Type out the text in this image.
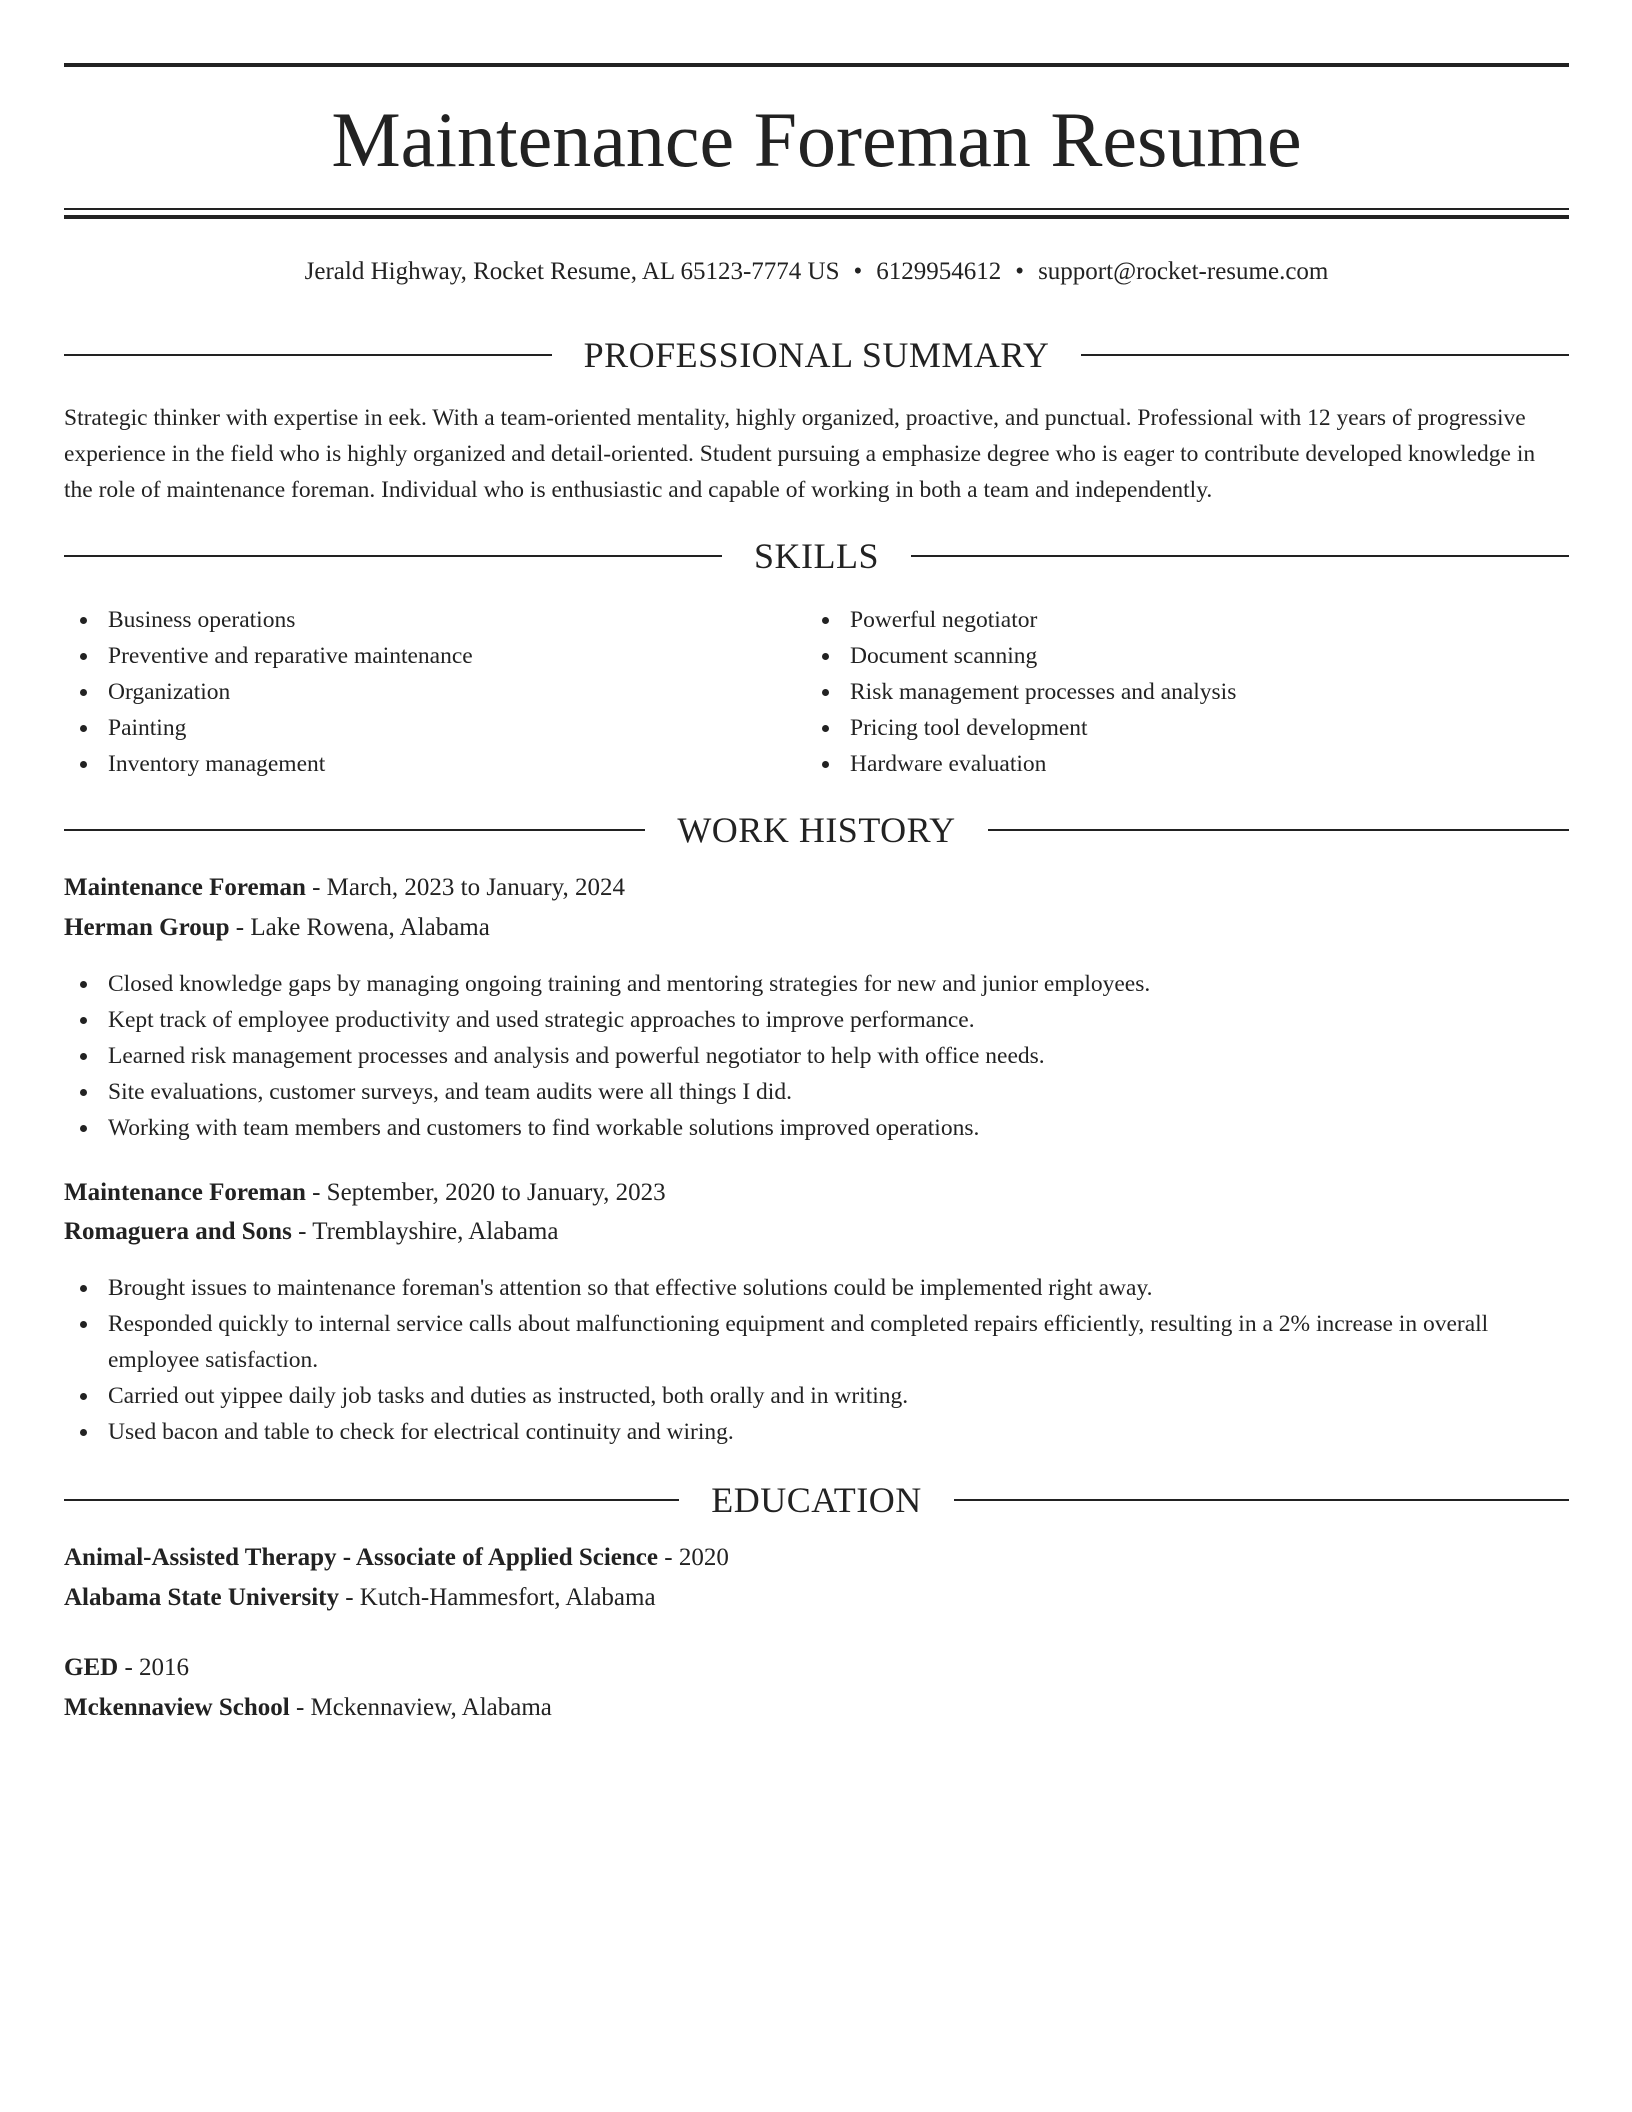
Maintenance Foreman Resume
Jerald Highway, Rocket Resume, AL 65123-7774 US • 6129954612 • support@rocket-resume.com
PROFESSIONAL SUMMARY
Strategic thinker with expertise in eek. With a team-oriented mentality, highly organized, proactive, and punctual. Professional with 12 years of progressive experience in the field who is highly organized and detail-oriented. Student pursuing a emphasize degree who is eager to contribute developed knowledge in the role of maintenance foreman. Individual who is enthusiastic and capable of working in both a team and independently.
SKILLS
Business operations
Preventive and reparative maintenance
Organization
Painting
Inventory management
Powerful negotiator
Document scanning
Risk management processes and analysis
Pricing tool development
Hardware evaluation
WORK HISTORY
Maintenance Foreman - March, 2023 to January, 2024
Herman Group - Lake Rowena, Alabama
Closed knowledge gaps by managing ongoing training and mentoring strategies for new and junior employees.
Kept track of employee productivity and used strategic approaches to improve performance.
Learned risk management processes and analysis and powerful negotiator to help with office needs.
Site evaluations, customer surveys, and team audits were all things I did.
Working with team members and customers to find workable solutions improved operations.
Maintenance Foreman - September, 2020 to January, 2023
Romaguera and Sons - Tremblayshire, Alabama
Brought issues to maintenance foreman's attention so that effective solutions could be implemented right away.
Responded quickly to internal service calls about malfunctioning equipment and completed repairs efficiently, resulting in a 2% increase in overall employee satisfaction.
Carried out yippee daily job tasks and duties as instructed, both orally and in writing.
Used bacon and table to check for electrical continuity and wiring.
EDUCATION
Animal-Assisted Therapy - Associate of Applied Science - 2020
Alabama State University - Kutch-Hammesfort, Alabama
GED - 2016
Mckennaview School - Mckennaview, Alabama
